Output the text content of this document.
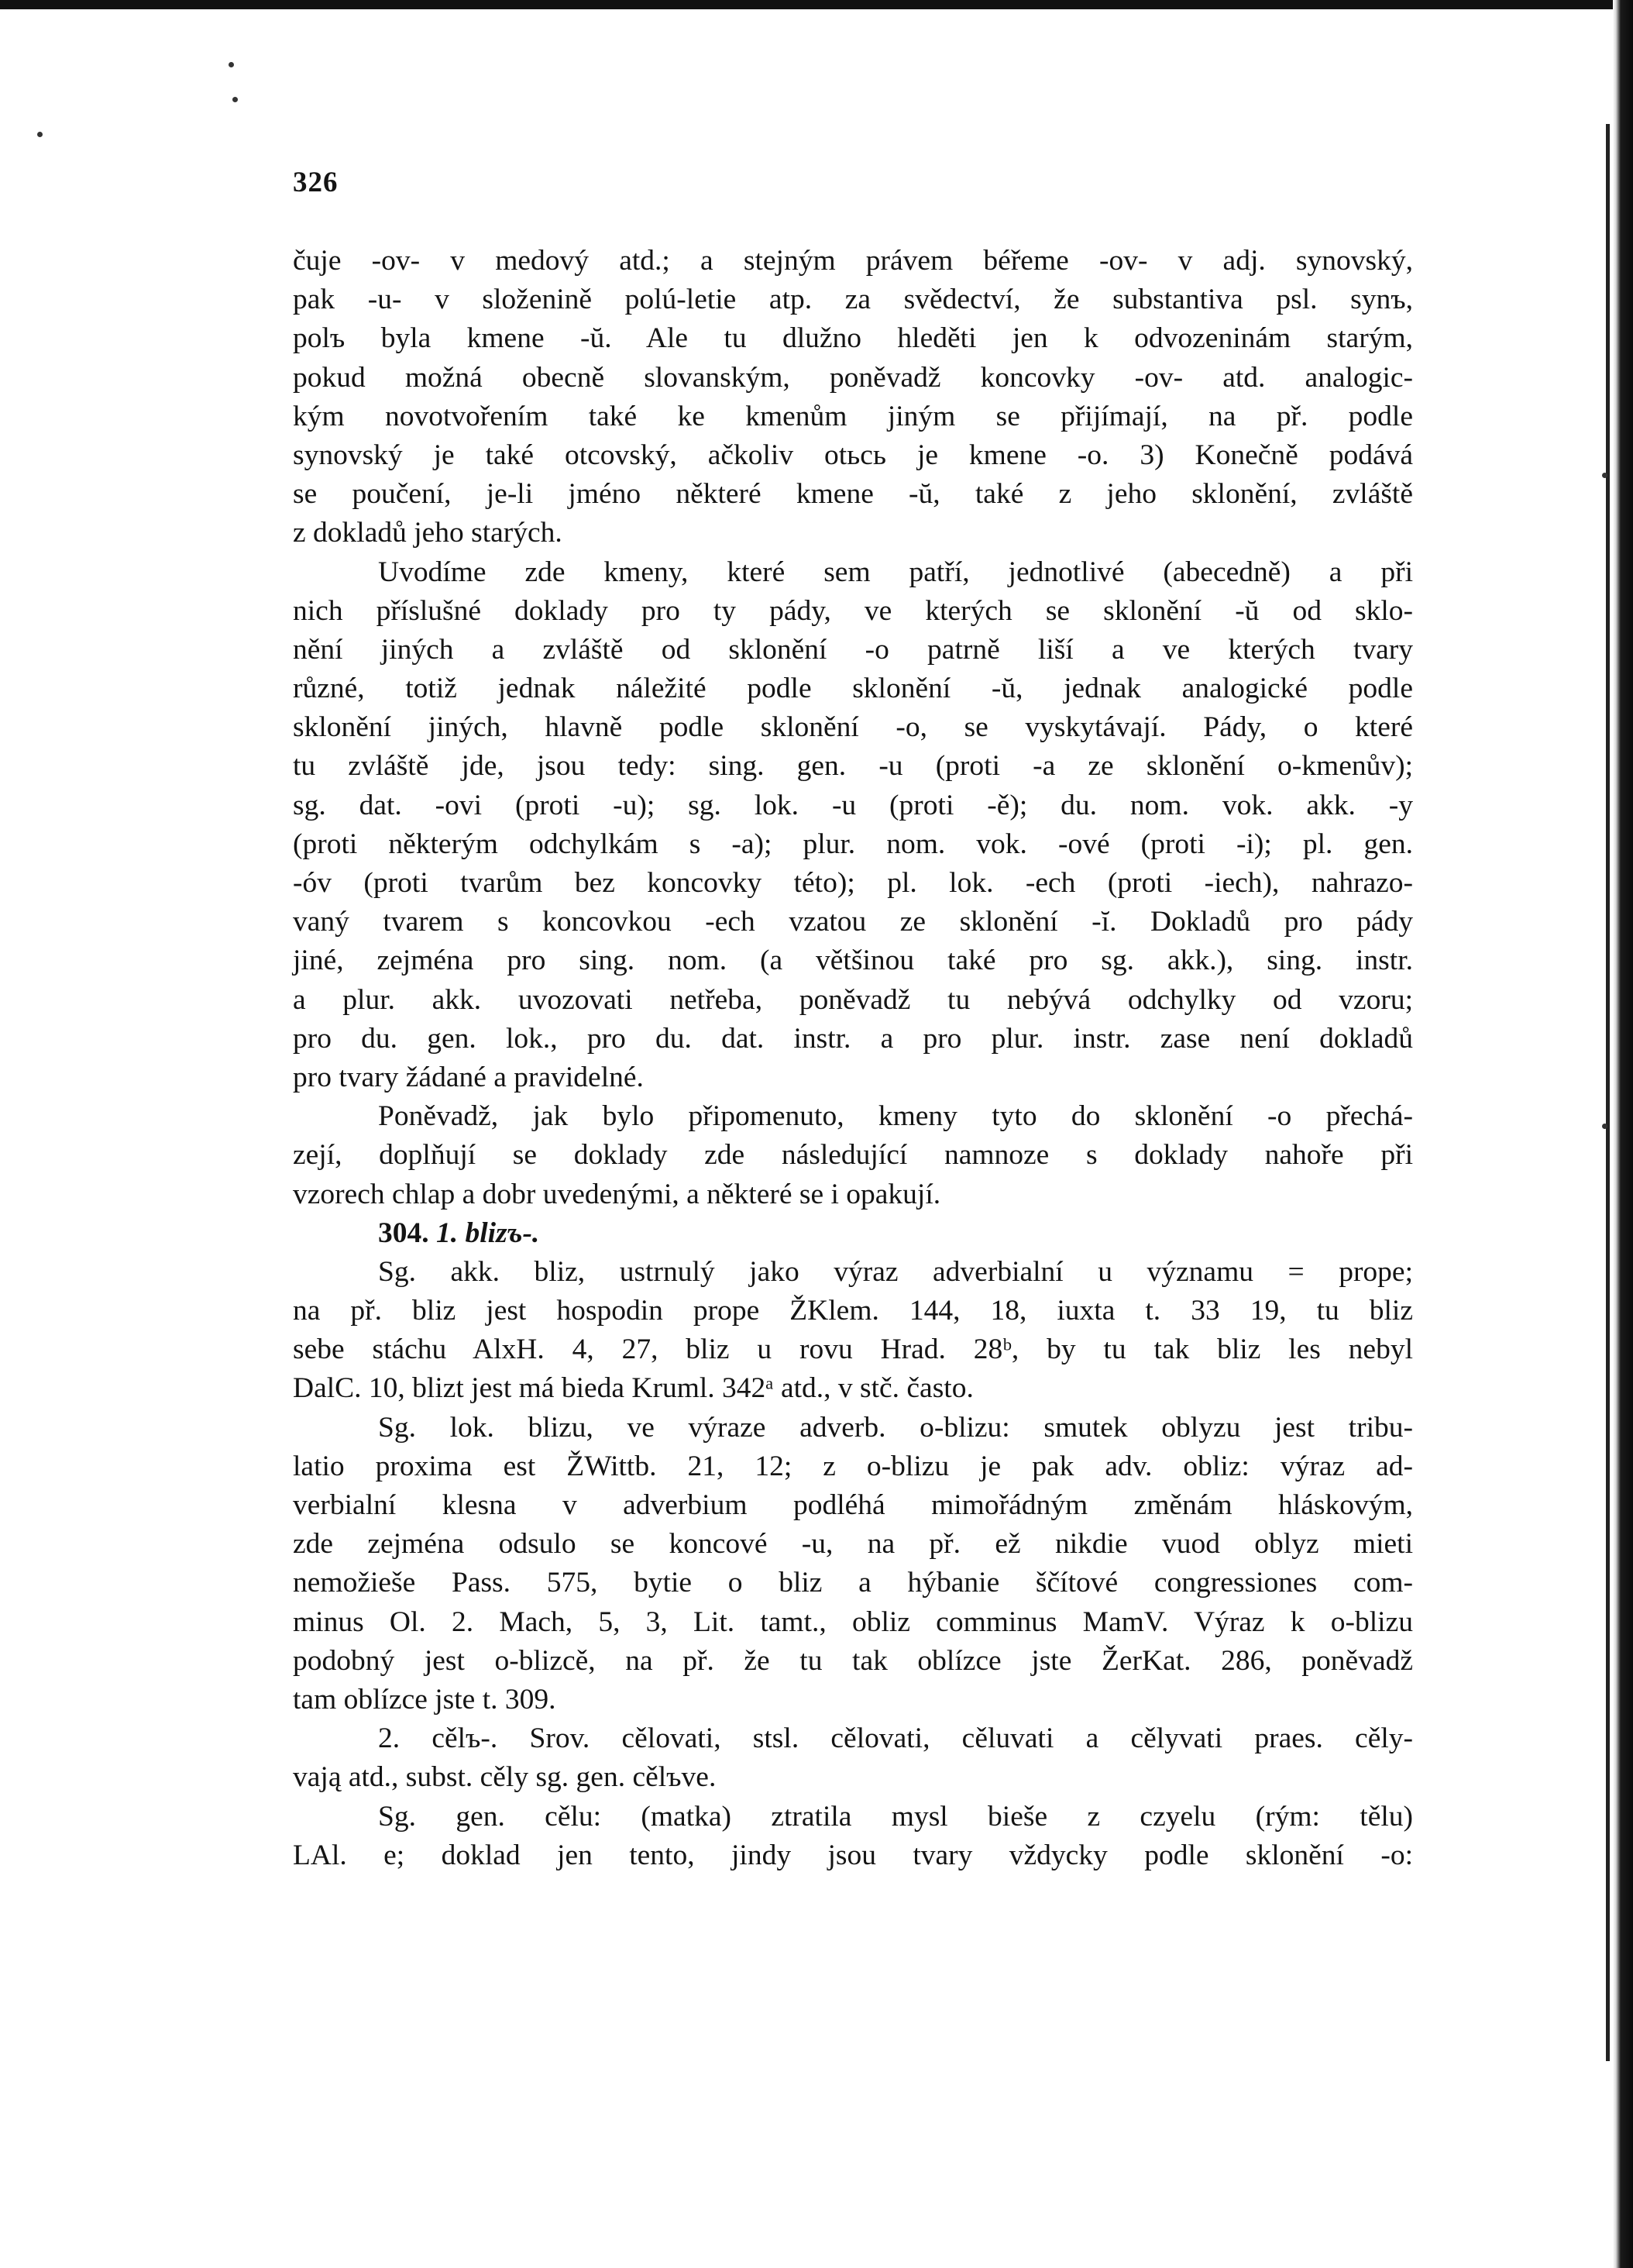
326
čuje -ov- v medový atd.; a stejným právem béřeme -ov- v adj. synovský,
pak -u- v složenině polú-letie atp. za svědectví, že substantiva psl. synъ,
polъ byla kmene -ŭ. Ale tu dlužno hleděti jen k odvozeninám starým,
pokud možná obecně slovanským, poněvadž koncovky -ov- atd. analogic-
kým novotvořením také ke kmenům jiným se přijímají, na př. podle
synovský je také otcovský, ačkoliv otьсь je kmene -o. 3) Konečně podává
se poučení, je-li jméno některé kmene -ŭ, také z jeho sklonění, zvláště
z dokladů jeho starých.
Uvodíme zde kmeny, které sem patří, jednotlivé (abecedně) a při
nich příslušné doklady pro ty pády, ve kterých se sklonění -ŭ od sklo-
nění jiných a zvláště od sklonění -o patrně liší a ve kterých tvary
různé, totiž jednak náležité podle sklonění -ŭ, jednak analogické podle
sklonění jiných, hlavně podle sklonění -o, se vyskytávají. Pády, o které
tu zvláště jde, jsou tedy: sing. gen. -u (proti -a ze sklonění o-kmenův);
sg. dat. -ovi (proti -u); sg. lok. -u (proti -ě); du. nom. vok. akk. -y
(proti některým odchylkám s -a); plur. nom. vok. -ové (proti -i); pl. gen.
-óv (proti tvarům bez koncovky této); pl. lok. -ech (proti -iech), nahrazo-
vaný tvarem s koncovkou -ech vzatou ze sklonění -ĭ. Dokladů pro pády
jiné, zejména pro sing. nom. (a většinou také pro sg. akk.), sing. instr.
a plur. akk. uvozovati netřeba, poněvadž tu nebývá odchylky od vzoru;
pro du. gen. lok., pro du. dat. instr. a pro plur. instr. zase není dokladů
pro tvary žádané a pravidelné.
Poněvadž, jak bylo připomenuto, kmeny tyto do sklonění -o přechá-
zejí, doplňují se doklady zde následující namnoze s doklady nahoře při
vzorech chlap a dobr uvedenými, a některé se i opakují.
304. 1. blizъ-.
Sg. akk. bliz, ustrnulý jako výraz adverbialní u významu = prope;
na př. bliz jest hospodin prope ŽKlem. 144, 18, iuxta t. 33 19, tu bliz
sebe stáchu AlxH. 4, 27, bliz u rovu Hrad. 28ᵇ, by tu tak bliz les nebyl
DalC. 10, blizt jest má bieda Kruml. 342ᵃ atd., v stč. často.
Sg. lok. blizu, ve výraze adverb. o-blizu: smutek oblyzu jest tribu-
latio proxima est ŽWittb. 21, 12; z o-blizu je pak adv. obliz: výraz ad-
verbialní klesna v adverbium podléhá mimořádným změnám hláskovým,
zde zejména odsulo se koncové -u, na př. ež nikdie vuod oblyz mieti
nemožieše Pass. 575, bytie o bliz a hýbanie ščítové congressiones com-
minus Ol. 2. Mach, 5, 3, Lit. tamt., obliz comminus MamV. Výraz k o-blizu
podobný jest o-blizcě, na př. že tu tak oblízce jste ŽerKat. 286, poněvadž
tam oblízce jste t. 309.
2. cělъ-. Srov. cělovati, stsl. cělovati, cěluvati a cělyvati praes. cěly-
vają atd., subst. cěly sg. gen. cělъve.
Sg. gen. cělu: (matka) ztratila mysl bieše z czyelu (rým: tělu)
LAl. e; doklad jen tento, jindy jsou tvary vždycky podle sklonění -o:
